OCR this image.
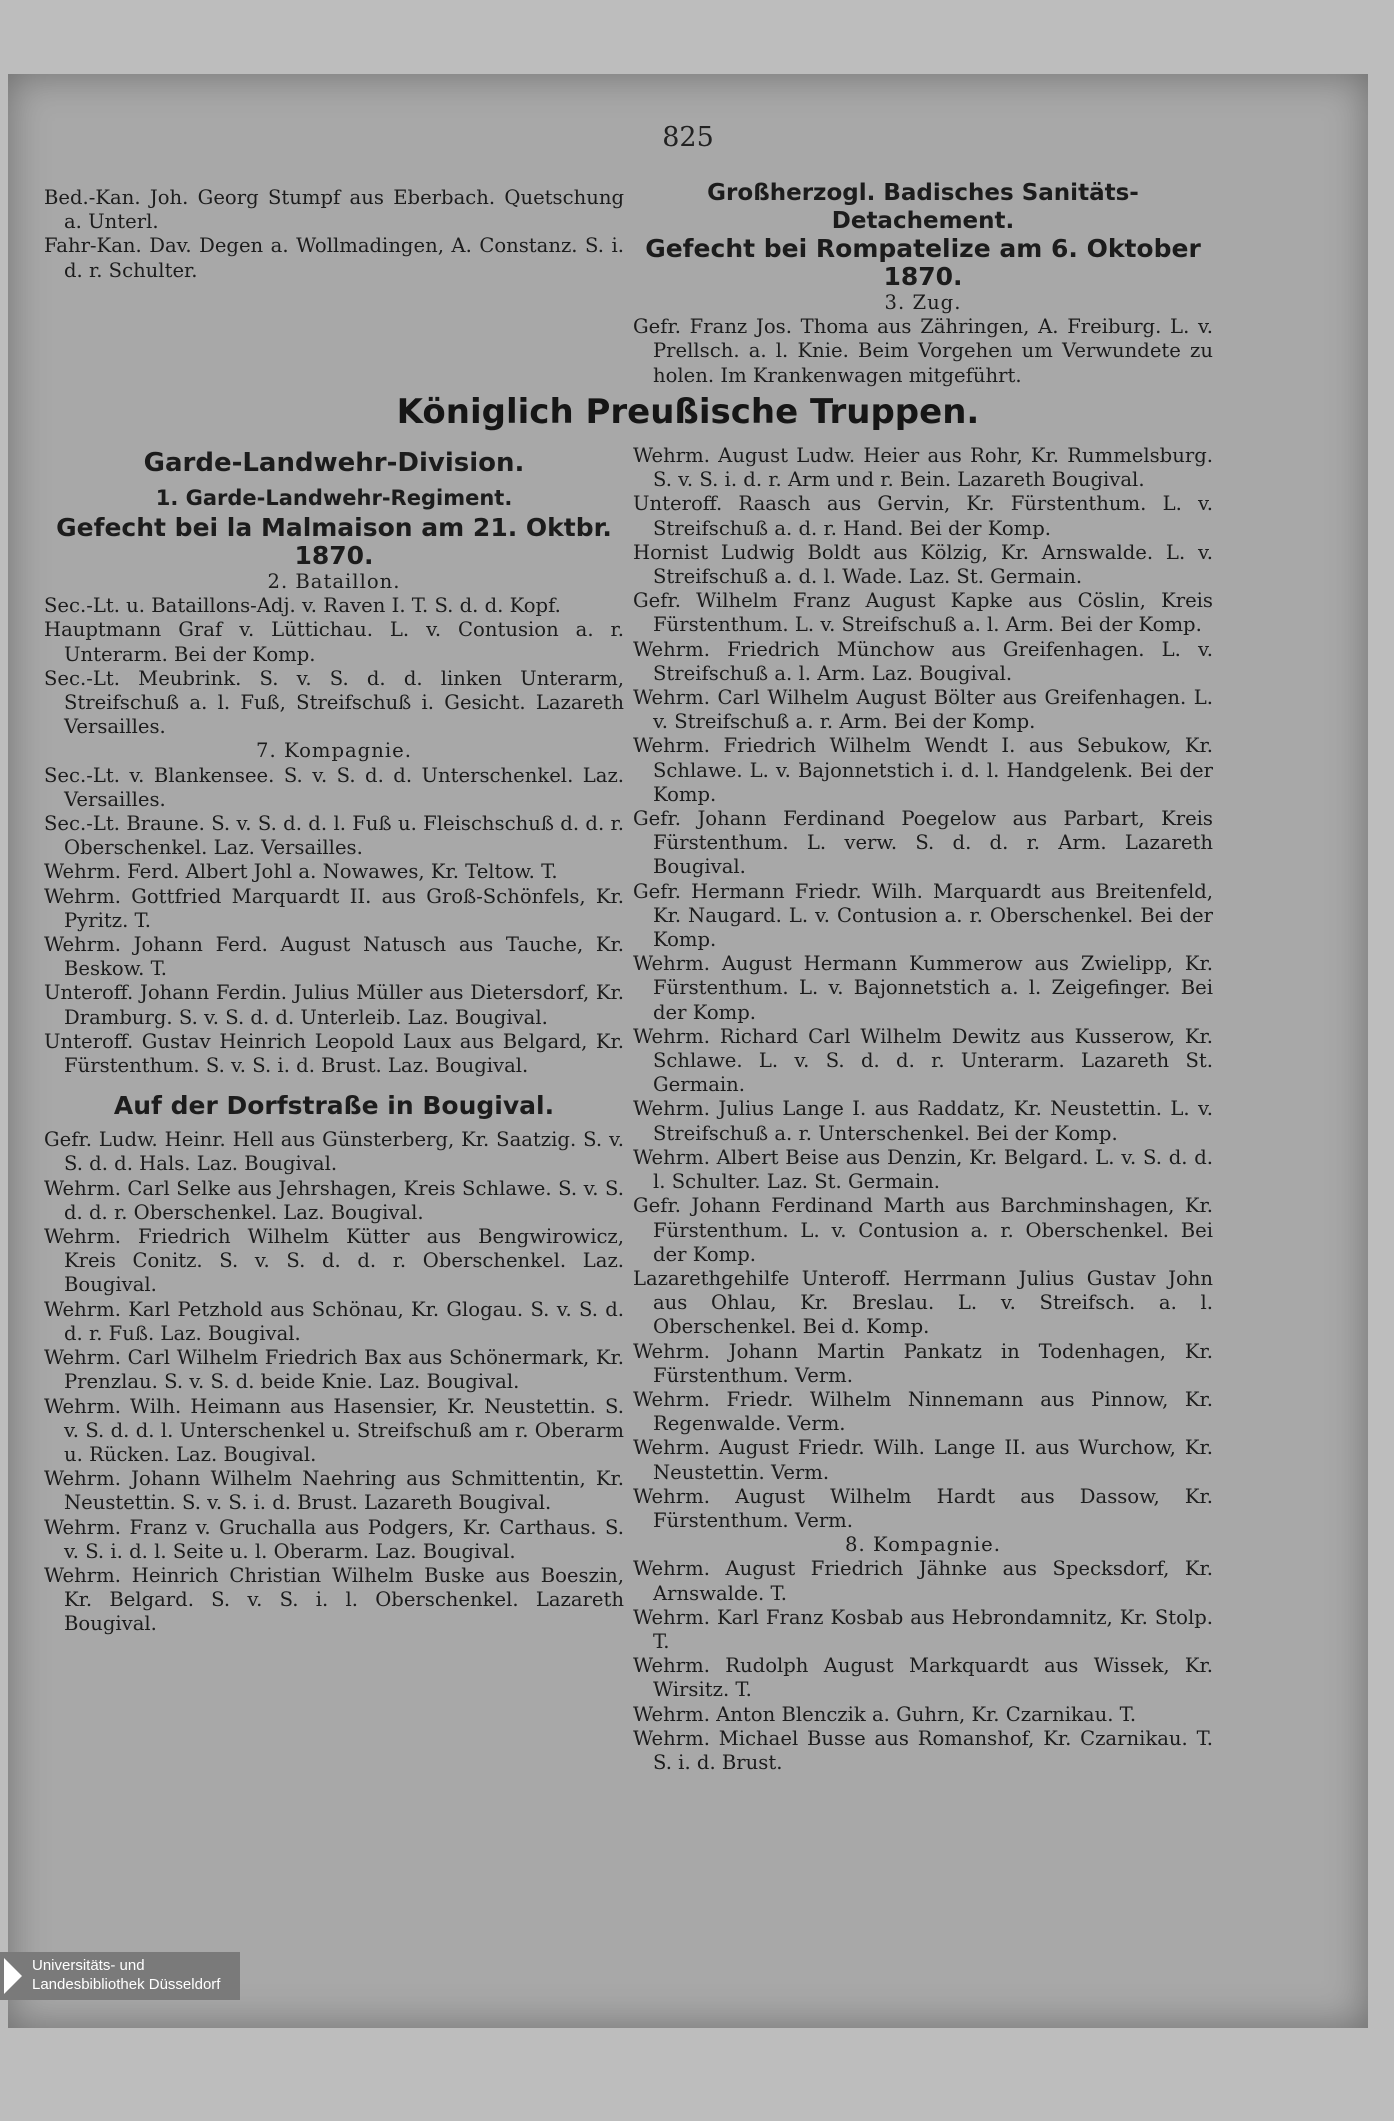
825

Bed.-Kan. Joh. Georg Stumpf aus Eberbach. Quetschung a. Unterl.

Fahr-Kan. Dav. Degen a. Wollmadingen, A. Constanz. S. i. d. r. Schulter.

Großherzogl. Badisches Sanitäts-Detachement.

Gefecht bei Rompatelize am 6. Oktober 1870.

3. Zug.

Gefr. Franz Jos. Thoma aus Zähringen, A. Freiburg. L. v. Prellsch. a. l. Knie. Beim Vorgehen um Verwundete zu holen. Im Krankenwagen mitgeführt.

Königlich Preußische Truppen.

Garde-Landwehr-Division.

1. Garde-Landwehr-Regiment.

Gefecht bei la Malmaison am 21. Oktbr. 1870.

2. Bataillon.

Sec.-Lt. u. Bataillons-Adj. v. Raven I. T. S. d. d. Kopf.

Hauptmann Graf v. Lüttichau. L. v. Contusion a. r. Unterarm. Bei der Komp.

Sec.-Lt. Meubrink. S. v. S. d. d. linken Unterarm, Streifschuß a. l. Fuß, Streifschuß i. Gesicht. Lazareth Versailles.

7. Kompagnie.

Sec.-Lt. v. Blankensee. S. v. S. d. d. Unterschenkel. Laz. Versailles.

Sec.-Lt. Braune. S. v. S. d. d. l. Fuß u. Fleischschuß d. d. r. Oberschenkel. Laz. Versailles.

Wehrm. Ferd. Albert Johl a. Nowawes, Kr. Teltow. T.

Wehrm. Gottfried Marquardt II. aus Groß-Schönfels, Kr. Pyritz. T.

Wehrm. Johann Ferd. August Natusch aus Tauche, Kr. Beskow. T.

Unteroff. Johann Ferdin. Julius Müller aus Dietersdorf, Kr. Dramburg. S. v. S. d. d. Unterleib. Laz. Bougival.

Unteroff. Gustav Heinrich Leopold Laux aus Belgard, Kr. Fürstenthum. S. v. S. i. d. Brust. Laz. Bougival.

Auf der Dorfstraße in Bougival.

Gefr. Ludw. Heinr. Hell aus Günsterberg, Kr. Saatzig. S. v. S. d. d. Hals. Laz. Bougival.

Wehrm. Carl Selke aus Jehrshagen, Kreis Schlawe. S. v. S. d. d. r. Oberschenkel. Laz. Bougival.

Wehrm. Friedrich Wilhelm Kütter aus Bengwirowicz, Kreis Conitz. S. v. S. d. d. r. Oberschenkel. Laz. Bougival.

Wehrm. Karl Petzhold aus Schönau, Kr. Glogau. S. v. S. d. d. r. Fuß. Laz. Bougival.

Wehrm. Carl Wilhelm Friedrich Bax aus Schönermark, Kr. Prenzlau. S. v. S. d. beide Knie. Laz. Bougival.

Wehrm. Wilh. Heimann aus Hasensier, Kr. Neustettin. S. v. S. d. d. l. Unterschenkel u. Streifschuß am r. Oberarm u. Rücken. Laz. Bougival.

Wehrm. Johann Wilhelm Naehring aus Schmittentin, Kr. Neustettin. S. v. S. i. d. Brust. Lazareth Bougival.

Wehrm. Franz v. Gruchalla aus Podgers, Kr. Carthaus. S. v. S. i. d. l. Seite u. l. Oberarm. Laz. Bougival.

Wehrm. Heinrich Christian Wilhelm Buske aus Boeszin, Kr. Belgard. S. v. S. i. l. Oberschenkel. Lazareth Bougival.

Wehrm. August Ludw. Heier aus Rohr, Kr. Rummelsburg. S. v. S. i. d. r. Arm und r. Bein. Lazareth Bougival.

Unteroff. Raasch aus Gervin, Kr. Fürstenthum. L. v. Streifschuß a. d. r. Hand. Bei der Komp.

Hornist Ludwig Boldt aus Kölzig, Kr. Arnswalde. L. v. Streifschuß a. d. l. Wade. Laz. St. Germain.

Gefr. Wilhelm Franz August Kapke aus Cöslin, Kreis Fürstenthum. L. v. Streifschuß a. l. Arm. Bei der Komp.

Wehrm. Friedrich Münchow aus Greifenhagen. L. v. Streifschuß a. l. Arm. Laz. Bougival.

Wehrm. Carl Wilhelm August Bölter aus Greifenhagen. L. v. Streifschuß a. r. Arm. Bei der Komp.

Wehrm. Friedrich Wilhelm Wendt I. aus Sebukow, Kr. Schlawe. L. v. Bajonnetstich i. d. l. Handgelenk. Bei der Komp.

Gefr. Johann Ferdinand Poegelow aus Parbart, Kreis Fürstenthum. L. verw. S. d. d. r. Arm. Lazareth Bougival.

Gefr. Hermann Friedr. Wilh. Marquardt aus Breitenfeld, Kr. Naugard. L. v. Contusion a. r. Oberschenkel. Bei der Komp.

Wehrm. August Hermann Kummerow aus Zwielipp, Kr. Fürstenthum. L. v. Bajonnetstich a. l. Zeigefinger. Bei der Komp.

Wehrm. Richard Carl Wilhelm Dewitz aus Kusserow, Kr. Schlawe. L. v. S. d. d. r. Unterarm. Lazareth St. Germain.

Wehrm. Julius Lange I. aus Raddatz, Kr. Neustettin. L. v. Streifschuß a. r. Unterschenkel. Bei der Komp.

Wehrm. Albert Beise aus Denzin, Kr. Belgard. L. v. S. d. d. l. Schulter. Laz. St. Germain.

Gefr. Johann Ferdinand Marth aus Barchminshagen, Kr. Fürstenthum. L. v. Contusion a. r. Oberschenkel. Bei der Komp.

Lazarethgehilfe Unteroff. Herrmann Julius Gustav John aus Ohlau, Kr. Breslau. L. v. Streifsch. a. l. Oberschenkel. Bei d. Komp.

Wehrm. Johann Martin Pankatz in Todenhagen, Kr. Fürstenthum. Verm.

Wehrm. Friedr. Wilhelm Ninnemann aus Pinnow, Kr. Regenwalde. Verm.

Wehrm. August Friedr. Wilh. Lange II. aus Wurchow, Kr. Neustettin. Verm.

Wehrm. August Wilhelm Hardt aus Dassow, Kr. Fürstenthum. Verm.

8. Kompagnie.

Wehrm. August Friedrich Jähnke aus Specksdorf, Kr. Arnswalde. T.

Wehrm. Karl Franz Kosbab aus Hebrondamnitz, Kr. Stolp. T.

Wehrm. Rudolph August Markquardt aus Wissek, Kr. Wirsitz. T.

Wehrm. Anton Blenczik a. Guhrn, Kr. Czarnikau. T.

Wehrm. Michael Busse aus Romanshof, Kr. Czarnikau. T. S. i. d. Brust.

Universitäts- und
Landesbibliothek Düsseldorf
